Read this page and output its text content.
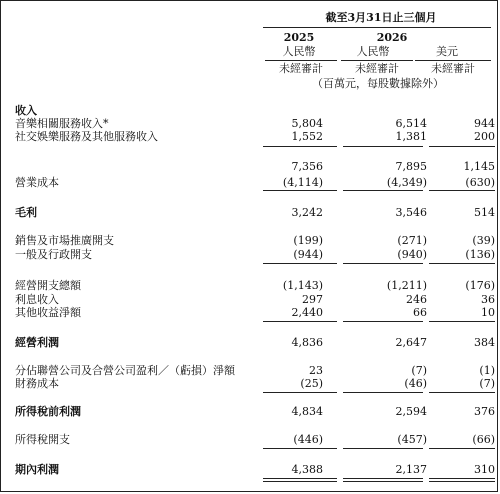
截至3月31日止三個月
2025	2026
人民幣	人民幣	美元
未經審計	未經審計	未經審計
（百萬元，每股數據除外）
收入
音樂相關服務收入*	5,804	6,514	944
社交娛樂服務及其他服務收入	1,552	1,381	200
7,356	7,895	1,145
營業成本	(4,114)	(4,349)	(630)
毛利	3,242	3,546	514
銷售及市場推廣開支	(199)	(271)	(39)
一般及行政開支	(944)	(940)	(136)
經營開支總額	(1,143)	(1,211)	(176)
利息收入	297	246	36
其他收益淨額	2,440	66	10
經營利潤	4,836	2,647	384
分佔聯營公司及合營公司盈利／（虧損）淨額	23	(7)	(1)
財務成本	(25)	(46)	(7)
所得稅前利潤	4,834	2,594	376
所得稅開支	(446)	(457)	(66)
期內利潤	4,388	2,137	310
